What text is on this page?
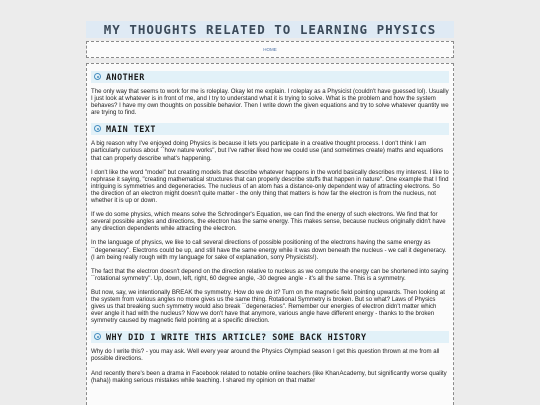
MY THOUGHTS RELATED TO LEARNING PHYSICS
HOME
ANOTHER

The only way that seems to work for me is roleplay. Okay let me explain. I roleplay as a Physicist (couldn't have guessed lol). Usually I just look at whatever is in front of me, and I try to understand what it is trying to solve. What is the problem and how the system behaves? I have my own thoughts on possible behavior. Then I write down the given equations and try to solve whatever quantity we are trying to find.

MAIN TEXT

A big reason why I've enjoyed doing Physics is because it lets you participate in a creative thought process. I don't think I am particularly curious about ``how nature works", but I've rather liked how we could use (and sometimes create) maths and equations that can properly describe what's happening.

I don't like the word "model" but creating models that describe whatever happens in the world basically describes my interest. I like to rephrase it saying, "creating mathematical structures that can properly describe stuffs that happen in nature". One example that I find intriguing is symmetries and degeneracies. The nucleus of an atom has a distance-only dependent way of attracting electrons. So the direction of an electron might doesn't quite matter - the only thing that matters is how far the electron is from the nucleus, not whether it is up or down.

If we do some physics, which means solve the Schrodinger's Equation, we can find the energy of such electrons. We find that for several possible angles and directions, the electron has the same energy. This makes sense, because nucleus originally didn't have any direction dependents while attracting the electron.

In the language of physics, we like to call several directions of possible positioning of the electrons having the same energy as ``degeneracy". Electrons could be up, and still have the same energy while it was down beneath the nucleus - we call it degeneracy. (I am being really rough with my language for sake of explanation, sorry Physicists!).

The fact that the electron doesn't depend on the direction relative to nucleus as we compute the energy can be shortened into saying ``rotational symmetry". Up, down, left, right, 60 degree angle, -30 degree angle - it's all the same. This is a symmetry.

But now, say, we intentionally BREAK the symmetry. How do we do it? Turn on the magnetic field pointing upwards. Then looking at the system from various angles no more gives us the same thing. Rotational Symmetry is broken. But so what? Laws of Physics gives us that breaking such symmetry would also break ``degeneracies". Remember our energies of electron didn't matter which ever angle it had with the nucleus? Now we don't have that anymore, various angle have different energy - thanks to the broken symmetry caused by magnetic field pointing at a specific direction.

WHY DID I WRITE THIS ARTICLE? SOME BACK HISTORY

Why do I write this? - you may ask. Well every year around the Physics Olympiad season I get this question thrown at me from all possible directions.

And recently there's been a drama in Facebook related to notable online teachers (like KhanAcademy, but significantly worse quality (haha)) making serious mistakes while teaching. I shared my opinion on that matter
